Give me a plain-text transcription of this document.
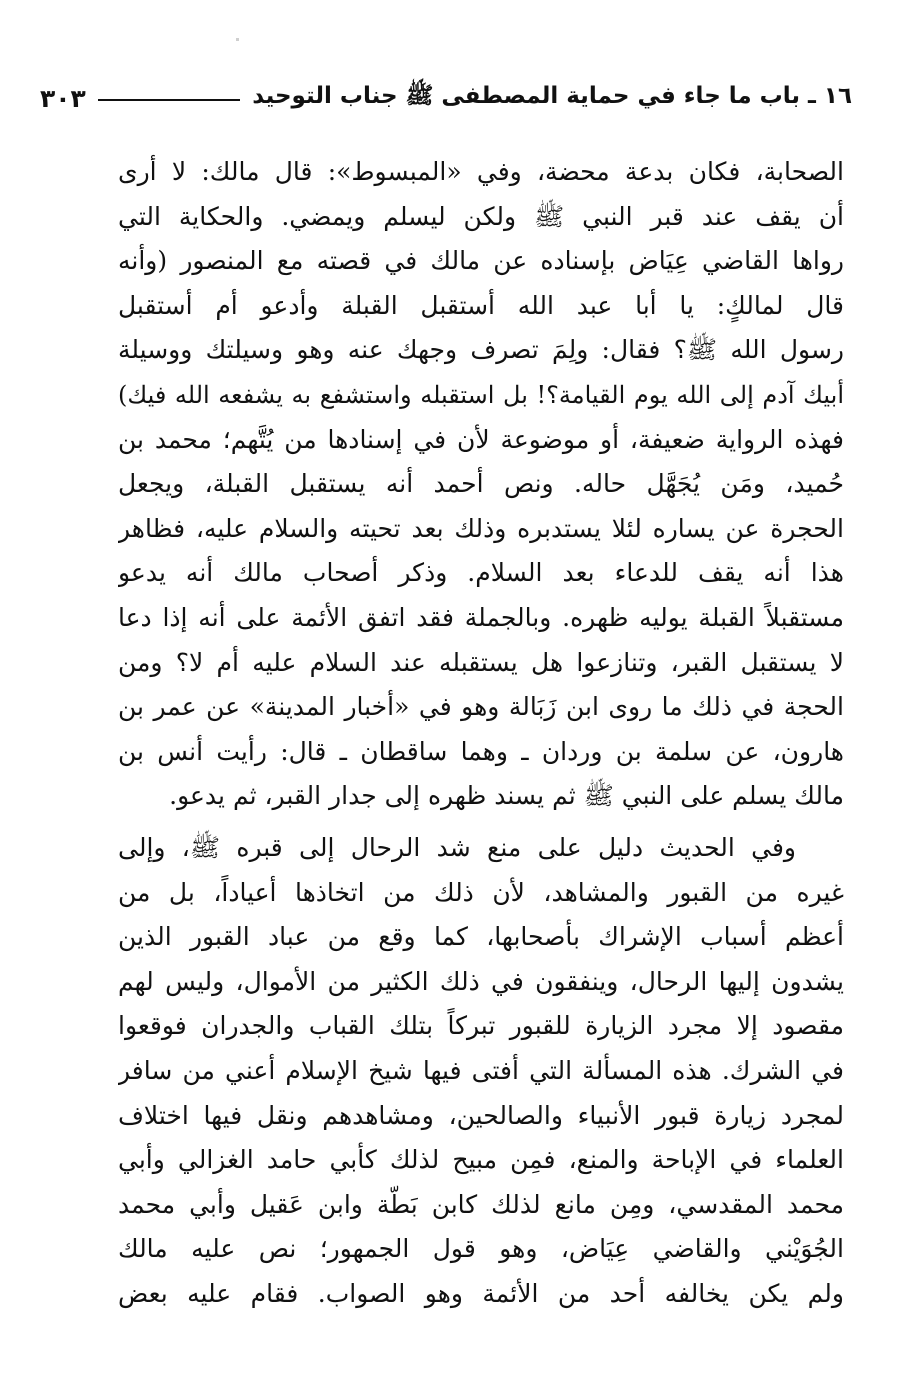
١٦ ـ باب ما جاء في حماية المصطفى ﷺ جناب التوحيد
٣٠٣
الصحابة، فكان بدعة محضة، وفي «المبسوط»: قال مالك: لا أرى
أن يقف عند قبر النبي ﷺ ولكن ليسلم ويمضي. والحكاية التي
رواها القاضي عِيَاض بإسناده عن مالك في قصته مع المنصور (وأنه
قال لمالكٍ: يا أبا عبد الله أستقبل القبلة وأدعو أم أستقبل
رسول الله ﷺ؟ فقال: ولِمَ تصرف وجهك عنه وهو وسيلتك ووسيلة
أبيك آدم إلى الله يوم القيامة؟! بل استقبله واستشفع به يشفعه الله فيك)
فهذه الرواية ضعيفة، أو موضوعة لأن في إسنادها من يُتَّهم؛ محمد بن
حُميد، ومَن يُجَهَّل حاله. ونص أحمد أنه يستقبل القبلة، ويجعل
الحجرة عن يساره لئلا يستدبره وذلك بعد تحيته والسلام عليه، فظاهر
هذا أنه يقف للدعاء بعد السلام. وذكر أصحاب مالك أنه يدعو
مستقبلاً القبلة يوليه ظهره. وبالجملة فقد اتفق الأئمة على أنه إذا دعا
لا يستقبل القبر، وتنازعوا هل يستقبله عند السلام عليه أم لا؟ ومن
الحجة في ذلك ما روى ابن زَبَالة وهو في «أخبار المدينة» عن عمر بن
هارون، عن سلمة بن وردان ـ وهما ساقطان ـ قال: رأيت أنس بن
مالك يسلم على النبي ﷺ ثم يسند ظهره إلى جدار القبر، ثم يدعو.
وفي الحديث دليل على منع شد الرحال إلى قبره ﷺ، وإلى
غيره من القبور والمشاهد، لأن ذلك من اتخاذها أعياداً، بل من
أعظم أسباب الإشراك بأصحابها، كما وقع من عباد القبور الذين
يشدون إليها الرحال، وينفقون في ذلك الكثير من الأموال، وليس لهم
مقصود إلا مجرد الزيارة للقبور تبركاً بتلك القباب والجدران فوقعوا
في الشرك. هذه المسألة التي أفتى فيها شيخ الإسلام أعني من سافر
لمجرد زيارة قبور الأنبياء والصالحين، ومشاهدهم ونقل فيها اختلاف
العلماء في الإباحة والمنع، فمِن مبيح لذلك كأبي حامد الغزالي وأبي
محمد المقدسي، ومِن مانع لذلك كابن بَطّة وابن عَقيل وأبي محمد
الجُوَيْني والقاضي عِيَاض، وهو قول الجمهور؛ نص عليه مالك
ولم يكن يخالفه أحد من الأئمة وهو الصواب. فقام عليه بعض
